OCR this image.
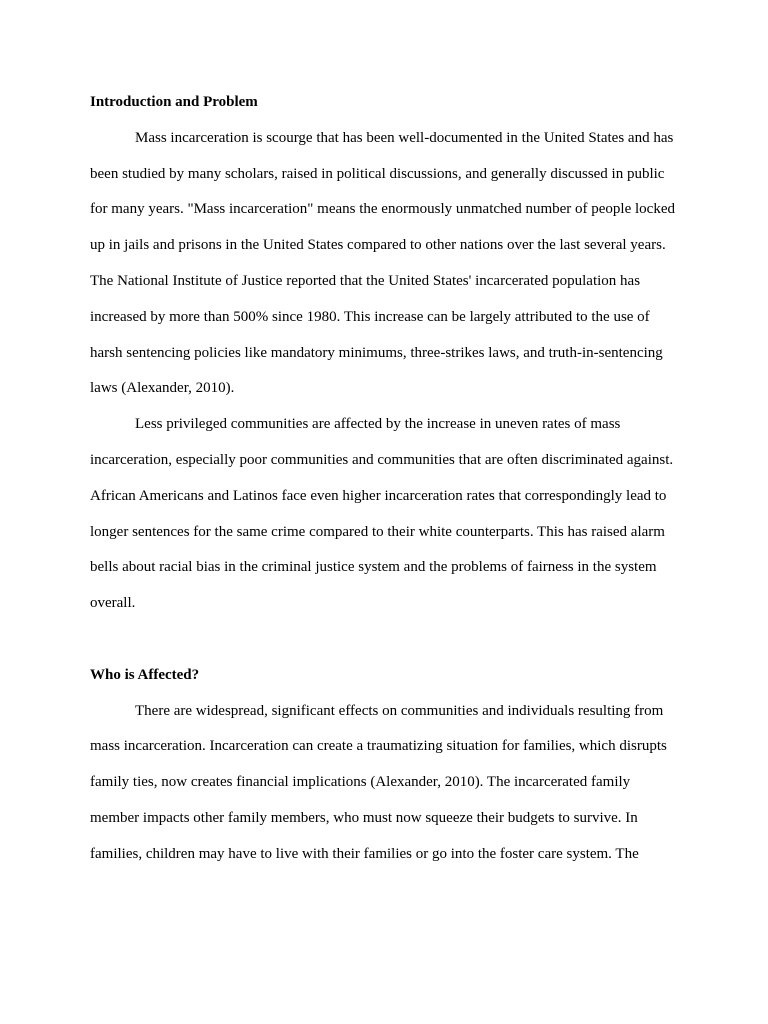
Introduction and Problem
Mass incarceration is scourge that has been well-documented in the United States and has
been studied by many scholars, raised in political discussions, and generally discussed in public
for many years. "Mass incarceration" means the enormously unmatched number of people locked
up in jails and prisons in the United States compared to other nations over the last several years.
The National Institute of Justice reported that the United States' incarcerated population has
increased by more than 500% since 1980. This increase can be largely attributed to the use of
harsh sentencing policies like mandatory minimums, three-strikes laws, and truth-in-sentencing
laws (Alexander, 2010).
Less privileged communities are affected by the increase in uneven rates of mass
incarceration, especially poor communities and communities that are often discriminated against.
African Americans and Latinos face even higher incarceration rates that correspondingly lead to
longer sentences for the same crime compared to their white counterparts. This has raised alarm
bells about racial bias in the criminal justice system and the problems of fairness in the system
overall.
Who is Affected?
There are widespread, significant effects on communities and individuals resulting from
mass incarceration. Incarceration can create a traumatizing situation for families, which disrupts
family ties, now creates financial implications (Alexander, 2010). The incarcerated family
member impacts other family members, who must now squeeze their budgets to survive. In
families, children may have to live with their families or go into the foster care system. The
